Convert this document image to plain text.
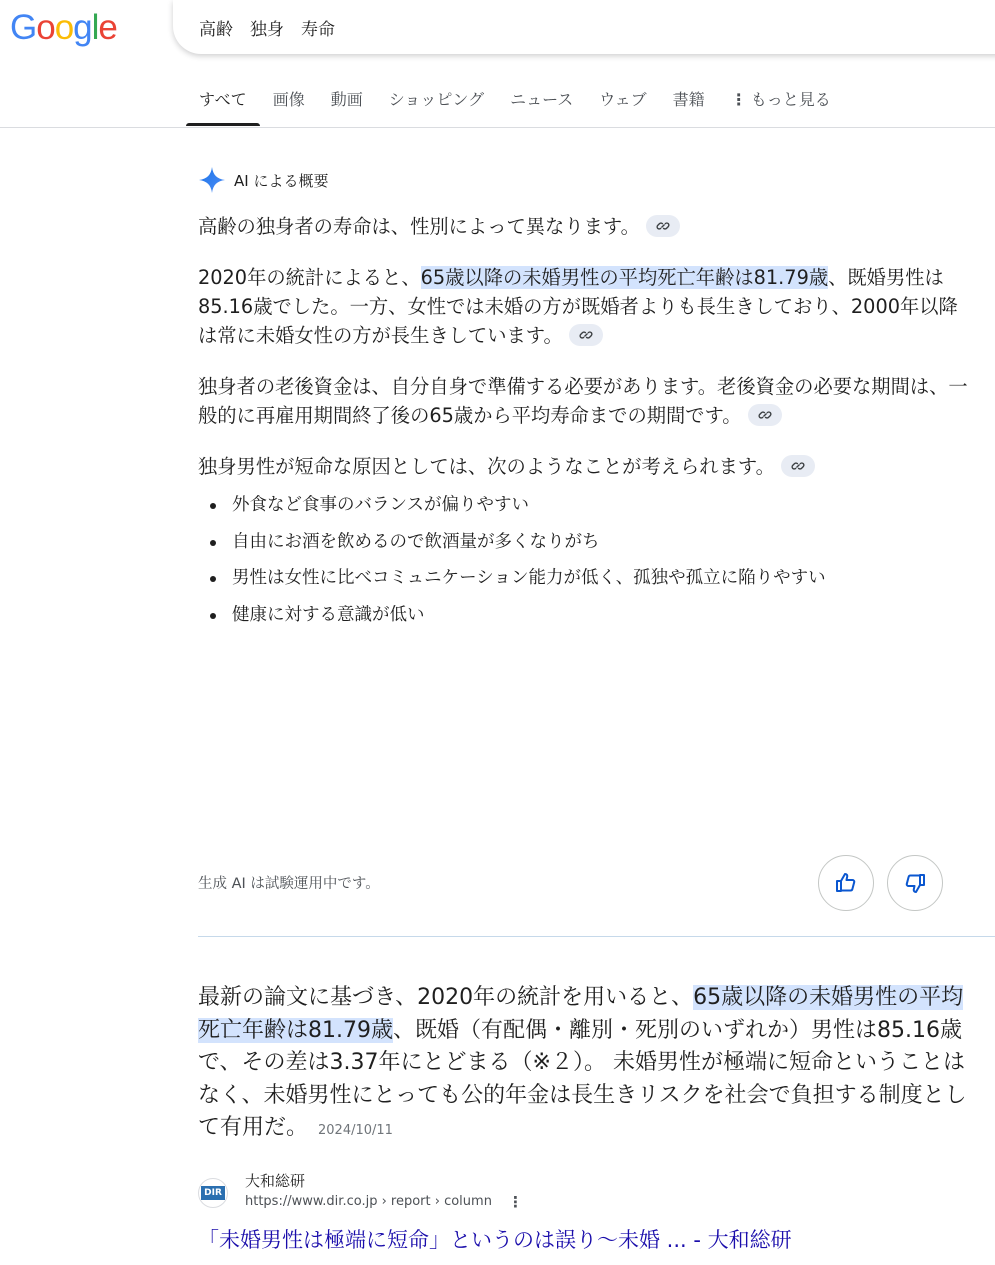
Google	高齢　独身　寿命
すべて	画像	動画	ショッピング	ニュース	ウェブ	書籍	⋮ もっと見る
AI による概要

高齢の独身者の寿命は、性別によって異なります。

2020年の統計によると、65歳以降の未婚男性の平均死亡年齢は81.79歳、既婚男性は85.16歳でした。一方、女性では未婚の方が既婚者よりも長生きしており、2000年以降は常に未婚女性の方が長生きしています。

独身者の老後資金は、自分自身で準備する必要があります。老後資金の必要な期間は、一般的に再雇用期間終了後の65歳から平均寿命までの期間です。

独身男性が短命な原因としては、次のようなことが考えられます。

外食など食事のバランスが偏りやすい
自由にお酒を飲めるので飲酒量が多くなりがち
男性は女性に比べコミュニケーション能力が低く、孤独や孤立に陥りやすい
健康に対する意識が低い
生成 AI は試験運用中です。
最新の論文に基づき、2020年の統計を用いると、65歳以降の未婚男性の平均死亡年齢は81.79歳、既婚（有配偶・離別・死別のいずれか）男性は85.16歳で、その差は3.37年にとどまる（※２）。 未婚男性が極端に短命ということはなく、未婚男性にとっても公的年金は長生きリスクを社会で負担する制度として有用だ。 2024/10/11
DIR
大和総研
https://www.dir.co.jp › report › column ⋮
「未婚男性は極端に短命」というのは誤り～未婚 ... - 大和総研
